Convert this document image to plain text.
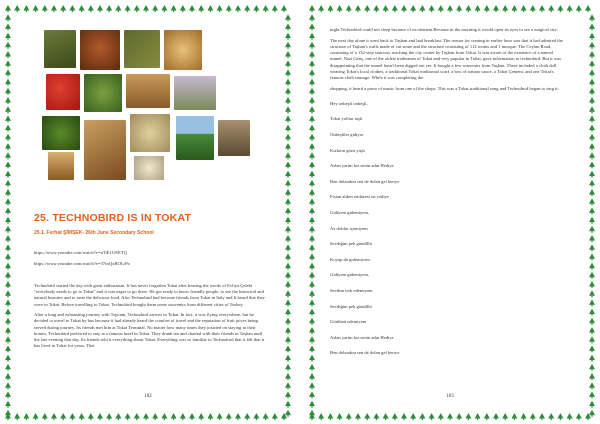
25. TECHNOBIRD IS IN TOKAT
25.1. Ferhat ŞİMŞEK- 26th June Secondary School

https://www.youtube.com/watch?v=uTiE1UEETQ

https://www.youtube.com/watch?v=37tnQxBOLrPo

Technobird started the day with great enthusiasm. It has never forgotten Tokat after hearing the words of Evliya Çelebi "everybody needs to go to Tokat" and it was eager to go there. He got ready to know friendly people, to see the historical and natural beauties and to taste the delicious food. Also Technobird had become friends from Tokat in Italy and It heard that they were in Tokat. Before travelling to Tokat, Technobird bought them some souvenirs from different cities of Turkey.

After a long and exhausting journey with Topcam, Technobird arrives in Tokat. In fact, it was flying everywhere, but he decided to travel to Tokat by bus because it had already heard the comfort of travel and the reputation of fruit juices being served during journey. Its friends met him at Tokat Terminal. No matter how many times they insisted on staying in their homes, Technobird preferred to stay at a famous hotel in Tokat. They drank tea and chatted with their friends in Taşhan until the late evening that day. Its friends told it everything about Tokat. Everything was so familiar to Technobird that it felt that it has lived in Tokat for years. That

102

night Technobird could not sleep because of excitement.Because in the morning it would open its eyes to see a magical city.

The next day alone it went back to Taşhan and had breakfast. The reason for coming in earlier hour was that it had admired the structure of Taşhan's walls made of cut stone and the structure consisting of 112 rooms and 1 mosque. The Ceylan Road, consisting of a 132-step stairway reaching the city center by Taşhan from Tokat. It was aware of the existence of a named tunnel, Nuri Genç, one of the oldest tradesmen of Tokat and very popular in Tokat, gave information to technobird. But it was disappointing that the tunnel hasn't been digged out yet. It bought a few souvenirs from Taşhan. These included a cloth doll wearing Tokat's local clothes, a traditional Tokat traditional scarf, a box of tomato sauce, a Tokat Çemeni, and one Tokat's famous cloth sausage. While it was completing the

shopping, it heard a piece of music from one of the shops. This was a Tokat traditional song and Technobird began to sing it:

Hey onbeşli onbeşli,

Tokat yolları taşlı

Onbeşliler gidiyor

Kızların gözü yaşlı

Aslan yarim kız senin adın Hediye

Ben dolandım sen de dolan gel beriye

Fistan aldım endazesi on yediye

Gidiyem gidemiyem,

Az doldur içemiyem

Sevdiğim pek gönülllü

Koyup da gidemiyem

Gidiyem gidemiyem,

Sevdim terk edemiyem

Sevdiğim pek gönülllü

Gönlünü edemiyem

Aslan yarim kız senin adın Hediye

Ben dolandım sen de dolan gel beriye

103
